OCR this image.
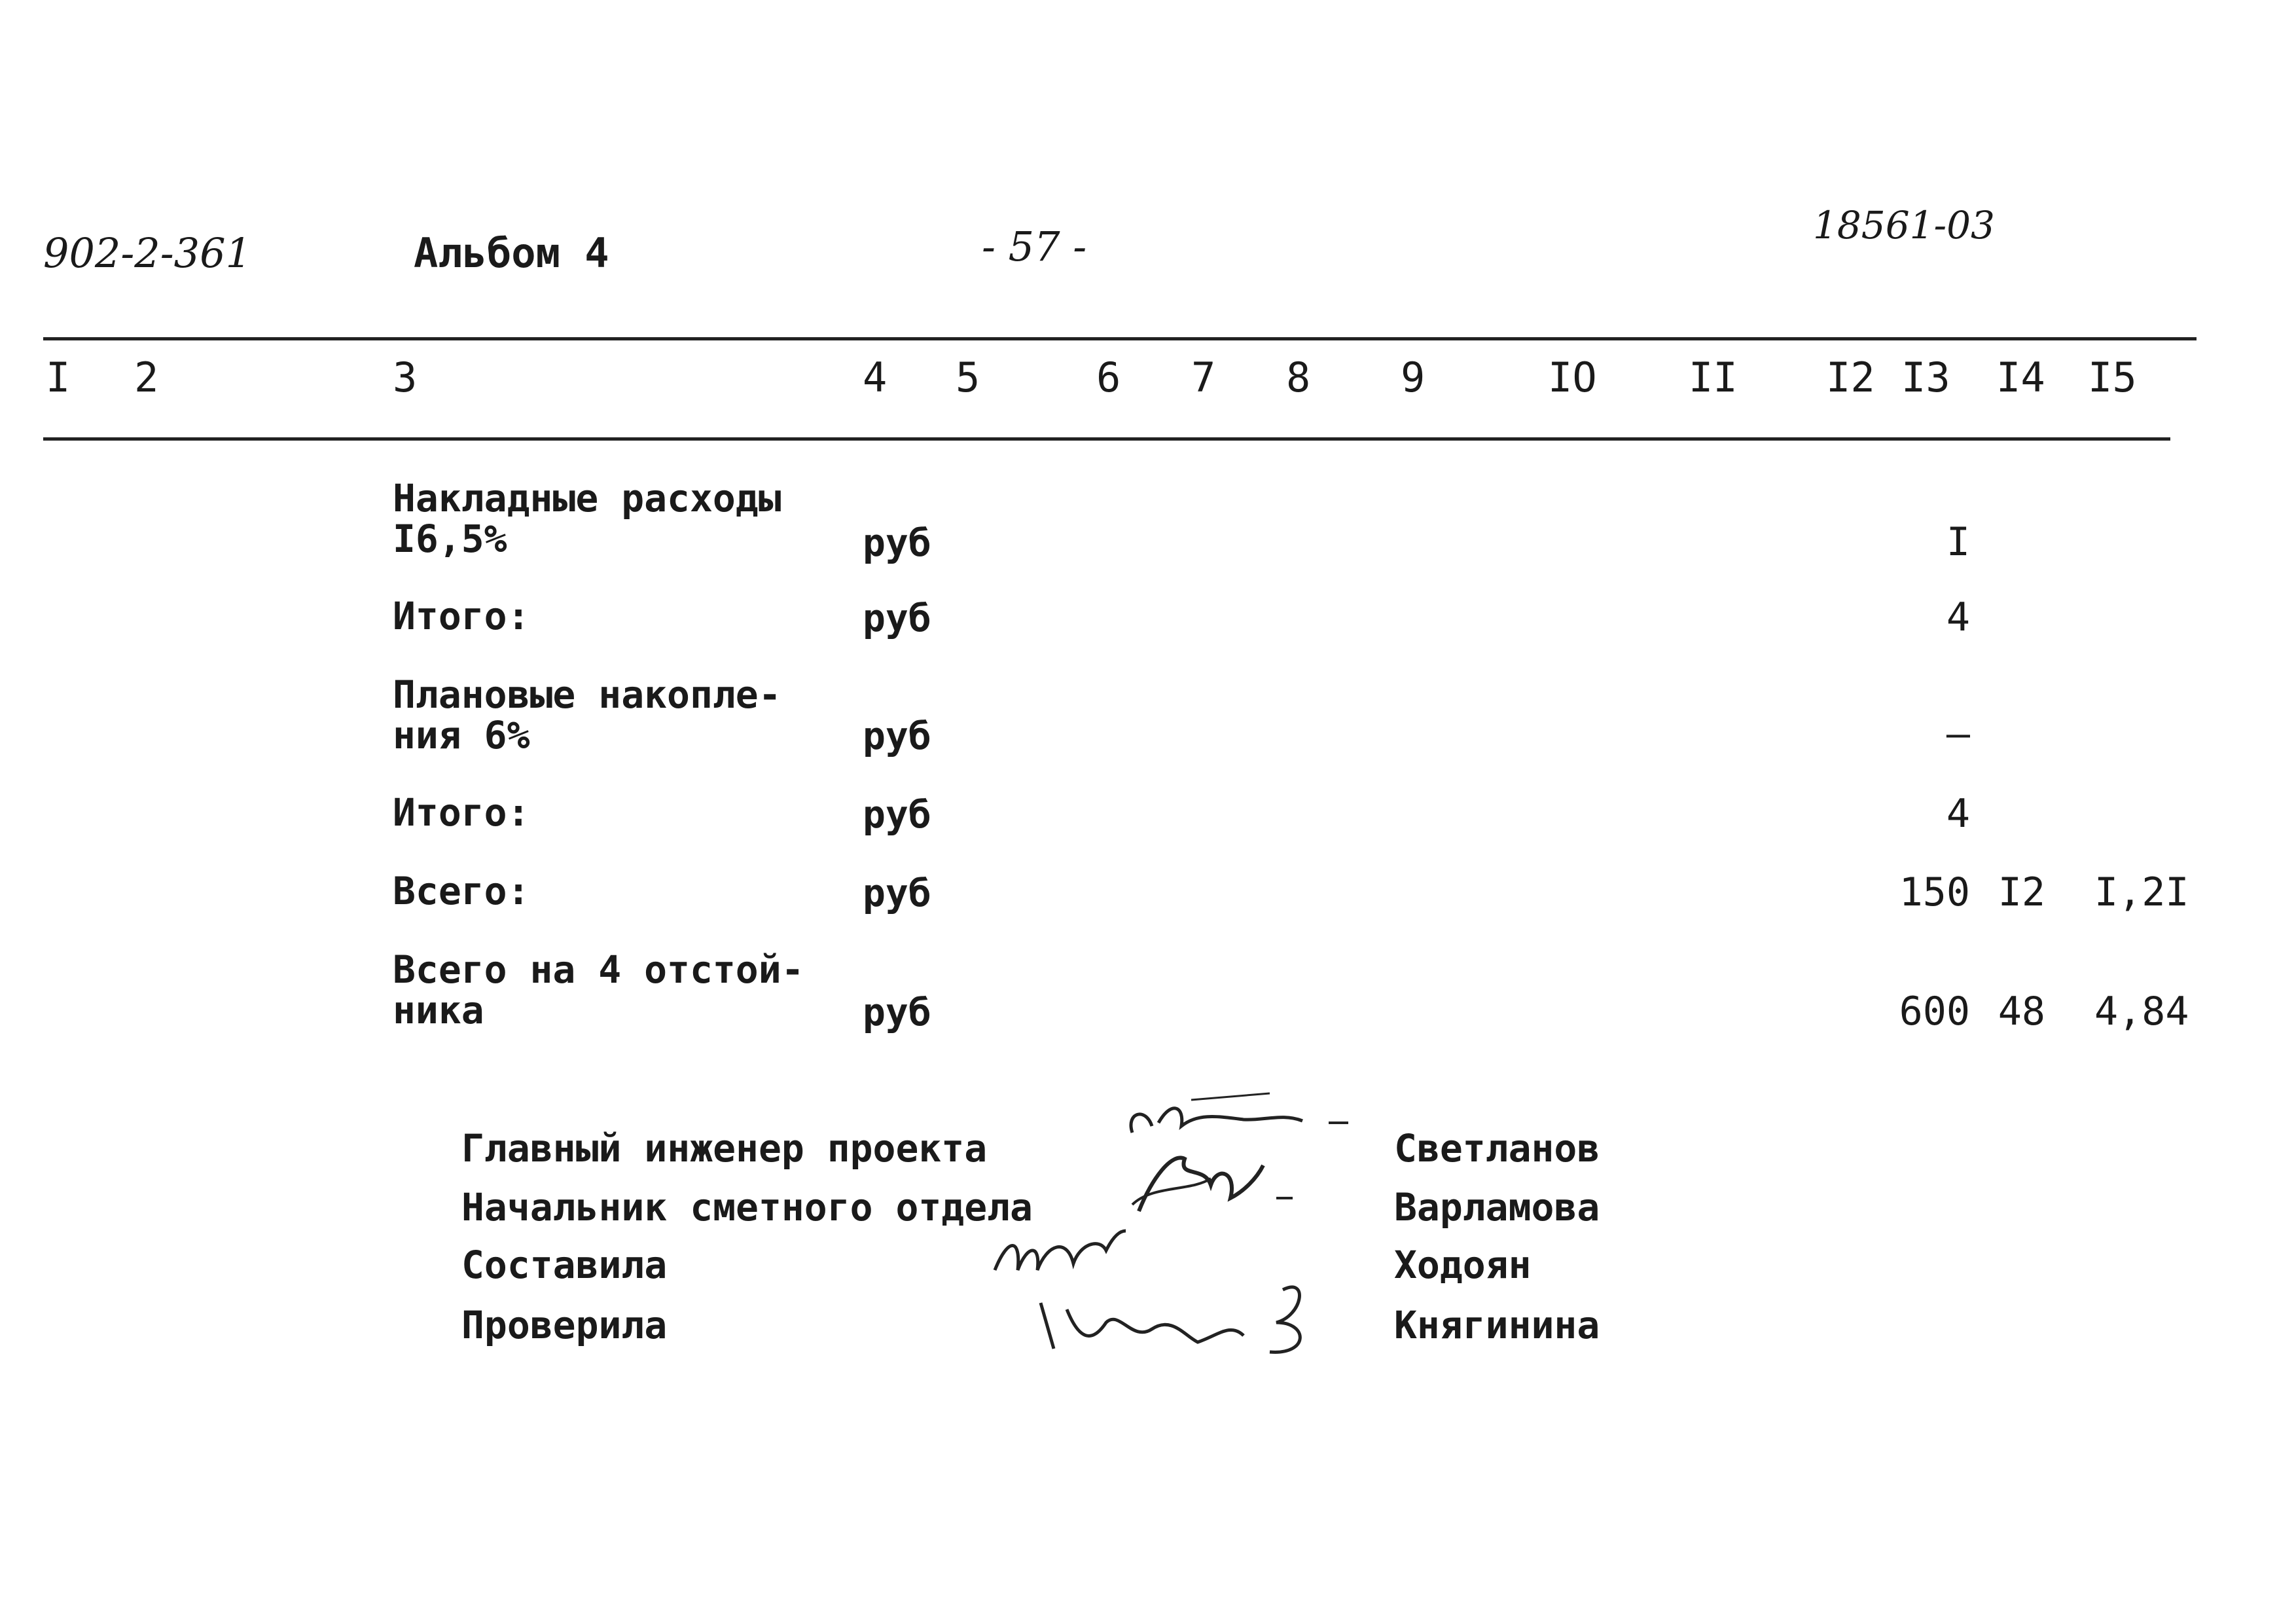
902-2-361	Альбом 4	- 57 -	18561-03
I 2	3	4 5	6 7 8 9	IO II I2 I3 I4 I5
Накладные расходы
I6,5%	руб	I
Итого:	руб	4
Плановые накопле-
ния 6%	руб	–
Итого:	руб	4
Всего:	руб	150 I2 I,2I
Всего на 4 отстой-
ника	руб	600 48 4,84
Главный инженер проекта	Светланов
Начальник сметного отдела	Варламова
Составила	Ходоян
Проверила	Княгинина
